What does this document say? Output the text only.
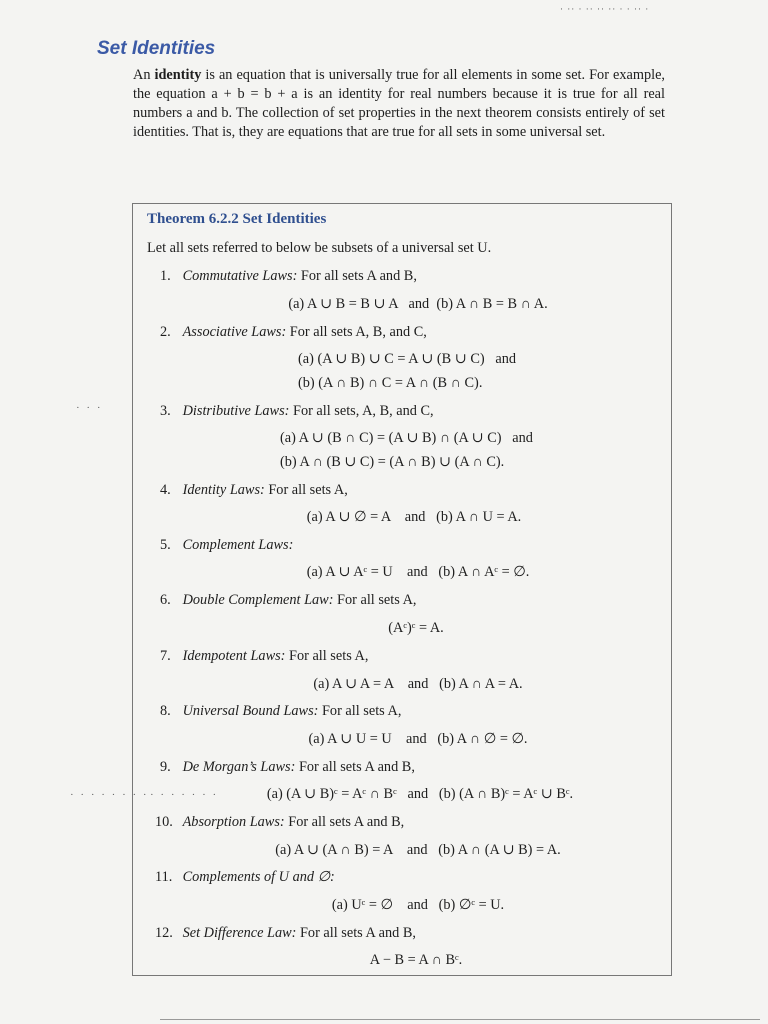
· ·· · ·· ·· ·· · · ·· ·
Set Identities
An identity is an equation that is universally true for all elements in some set. For example, the equation a + b = b + a is an identity for real numbers because it is true for all real numbers a and b. The collection of set properties in the next theorem consists entirely of set identities. That is, they are equations that are true for all sets in some universal set.
Theorem 6.2.2 Set Identities
Let all sets referred to below be subsets of a universal set U.
1. Commutative Laws: For all sets A and B,
(a) A ∪ B = B ∪ A   and  (b) A ∩ B = B ∩ A.
2. Associative Laws: For all sets A, B, and C,
(a) (A ∪ B) ∪ C = A ∪ (B ∪ C)   and
(b) (A ∩ B) ∩ C = A ∩ (B ∩ C).
3. Distributive Laws: For all sets, A, B, and C,
(a) A ∪ (B ∩ C) = (A ∪ B) ∩ (A ∪ C)   and
(b) A ∩ (B ∪ C) = (A ∩ B) ∪ (A ∩ C).
4. Identity Laws: For all sets A,
(a) A ∪ ∅ = A    and   (b) A ∩ U = A.
5. Complement Laws:
(a) A ∪ Aᶜ = U    and   (b) A ∩ Aᶜ = ∅.
6. Double Complement Law: For all sets A,
(Aᶜ)ᶜ = A.
7. Idempotent Laws: For all sets A,
(a) A ∪ A = A    and   (b) A ∩ A = A.
8. Universal Bound Laws: For all sets A,
(a) A ∪ U = U    and   (b) A ∩ ∅ = ∅.
9. De Morgan’s Laws: For all sets A and B,
(a) (A ∪ B)ᶜ = Aᶜ ∩ Bᶜ   and   (b) (A ∩ B)ᶜ = Aᶜ ∪ Bᶜ.
10. Absorption Laws: For all sets A and B,
(a) A ∪ (A ∩ B) = A    and   (b) A ∩ (A ∪ B) = A.
11. Complements of U and ∅:
(a) Uᶜ = ∅    and   (b) ∅ᶜ = U.
12. Set Difference Law: For all sets A and B,
A − B = A ∩ Bᶜ.
· · · · · · · · · · · · · · ·
· · ·
